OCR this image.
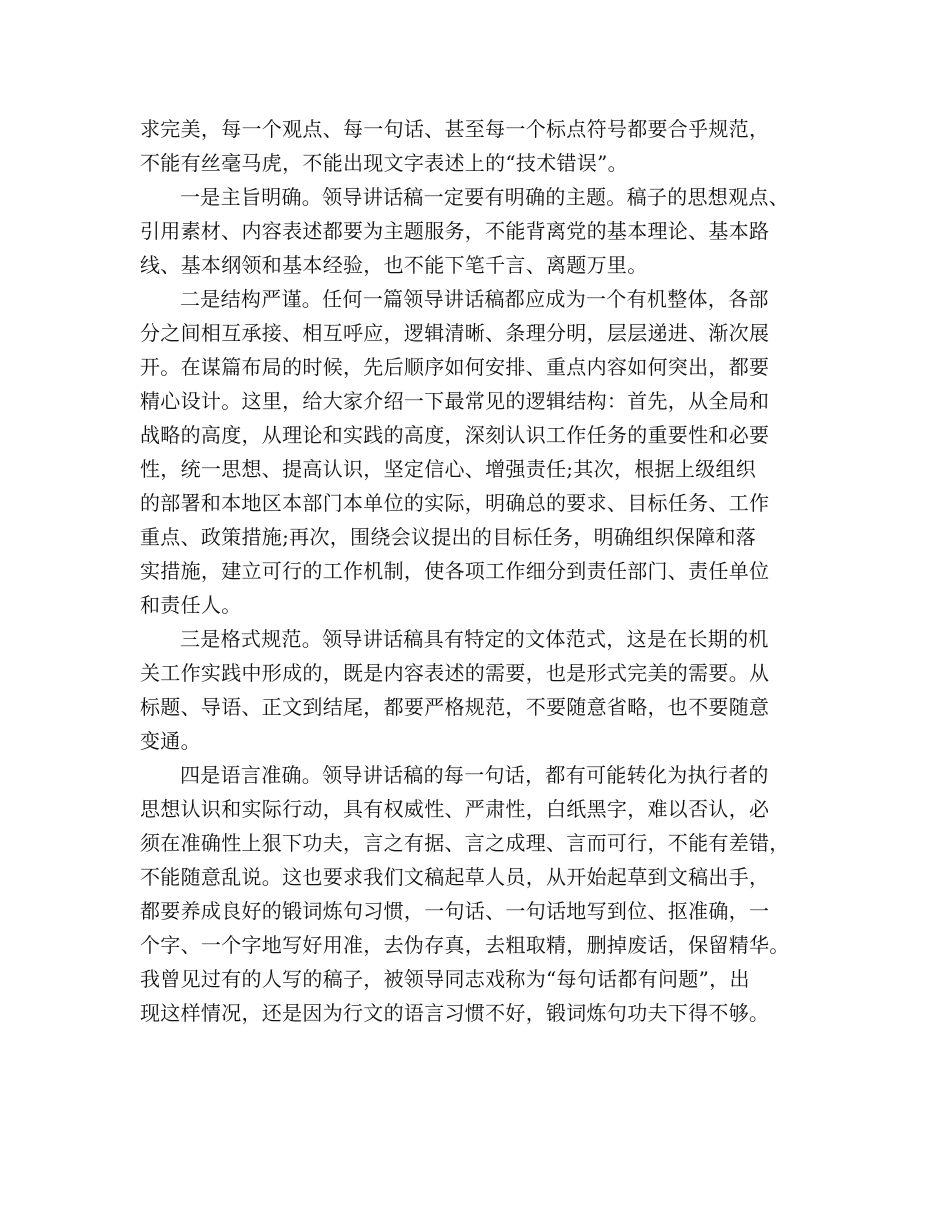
求完美，每一个观点、每一句话、甚至每一个标点符号都要合乎规范，
不能有丝毫马虎，不能出现文字表述上的“技术错误”。
一是主旨明确。领导讲话稿一定要有明确的主题。稿子的思想观点、
引用素材、内容表述都要为主题服务，不能背离党的基本理论、基本路
线、基本纲领和基本经验，也不能下笔千言、离题万里。
二是结构严谨。任何一篇领导讲话稿都应成为一个有机整体，各部
分之间相互承接、相互呼应，逻辑清晰、条理分明，层层递进、渐次展
开。在谋篇布局的时候，先后顺序如何安排、重点内容如何突出，都要
精心设计。这里，给大家介绍一下最常见的逻辑结构：首先，从全局和
战略的高度，从理论和实践的高度，深刻认识工作任务的重要性和必要
性，统一思想、提高认识，坚定信心、增强责任;其次，根据上级组织
的部署和本地区本部门本单位的实际，明确总的要求、目标任务、工作
重点、政策措施;再次，围绕会议提出的目标任务，明确组织保障和落
实措施，建立可行的工作机制，使各项工作细分到责任部门、责任单位
和责任人。
三是格式规范。领导讲话稿具有特定的文体范式，这是在长期的机
关工作实践中形成的，既是内容表述的需要，也是形式完美的需要。从
标题、导语、正文到结尾，都要严格规范，不要随意省略，也不要随意
变通。
四是语言准确。领导讲话稿的每一句话，都有可能转化为执行者的
思想认识和实际行动，具有权威性、严肃性，白纸黑字，难以否认，必
须在准确性上狠下功夫，言之有据、言之成理、言而可行，不能有差错，
不能随意乱说。这也要求我们文稿起草人员，从开始起草到文稿出手，
都要养成良好的锻词炼句习惯，一句话、一句话地写到位、抠准确，一
个字、一个字地写好用准，去伪存真，去粗取精，删掉废话，保留精华。
我曾见过有的人写的稿子，被领导同志戏称为“每句话都有问题”，出
现这样情况，还是因为行文的语言习惯不好，锻词炼句功夫下得不够。
